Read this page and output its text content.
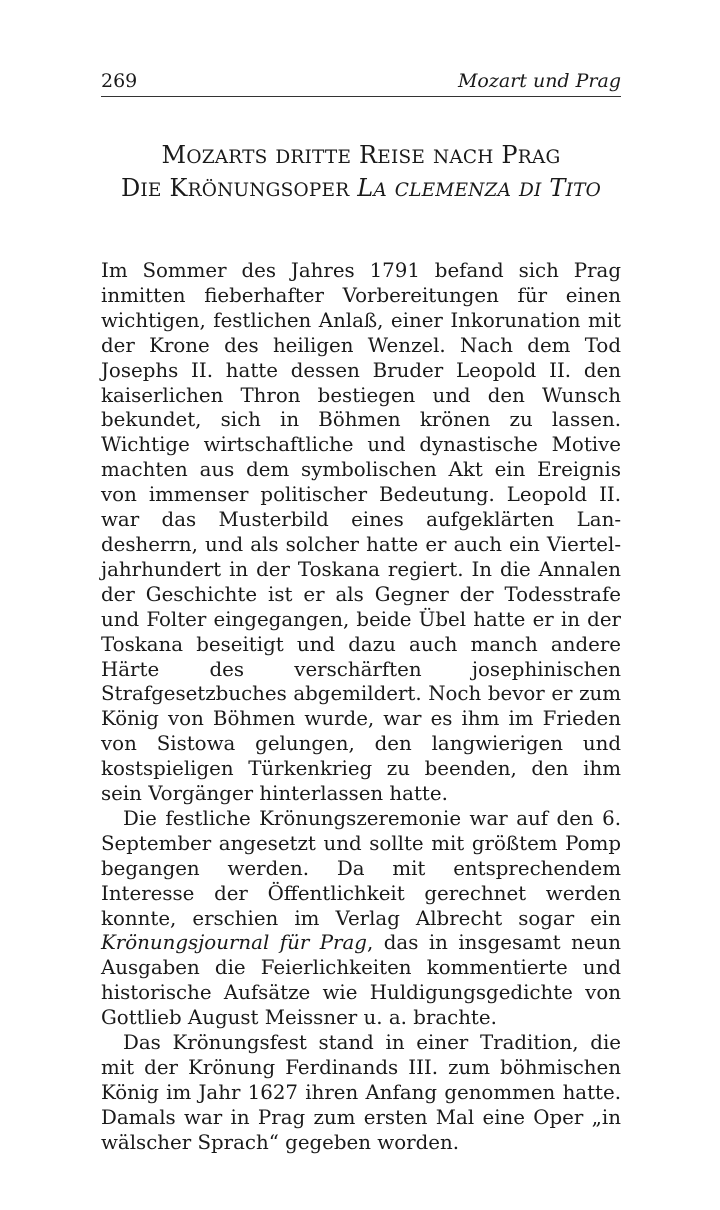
269	Mozart und Prag
MOZARTS DRITTE REISE NACH PRAG
DIE KRÖNUNGSOPER LA CLEMENZA DI TITO

Im Sommer des Jahres 1791 befand sich Prag inmitten fieberhafter Vorbereitungen für einen wichtigen, festlichen Anlaß, einer Inkorunation mit der Krone des heiligen Wenzel. Nach dem Tod Josephs II. hatte dessen Bruder Leopold II. den kaiserlichen Thron bestiegen und den Wunsch bekundet, sich in Böhmen krönen zu lassen. Wichtige wirtschaftliche und dynastische Motive machten aus dem symbolischen Akt ein Ereignis von immenser politischer Bedeutung. Leopold II. war das Musterbild eines aufgeklärten Landesherrn, und als solcher hatte er auch ein Vierteljahrhundert in der Toskana regiert. In die Annalen der Geschichte ist er als Gegner der Todesstrafe und Folter eingegangen, beide Übel hatte er in der Toskana beseitigt und dazu auch manch andere Härte des verschärften josephinischen Strafgesetzbuches abgemildert. Noch bevor er zum König von Böhmen wurde, war es ihm im Frieden von Sistowa gelungen, den langwierigen und kostspieligen Türkenkrieg zu beenden, den ihm sein Vorgänger hinterlassen hatte.

Die festliche Krönungszeremonie war auf den 6. September angesetzt und sollte mit größtem Pomp begangen werden. Da mit entsprechendem Interesse der Öffentlichkeit gerechnet werden konnte, erschien im Verlag Albrecht sogar ein Krönungsjournal für Prag, das in insgesamt neun Ausgaben die Feierlichkeiten kommentierte und historische Aufsätze wie Huldigungsgedichte von Gottlieb August Meissner u. a. brachte.

Das Krönungsfest stand in einer Tradition, die mit der Krönung Ferdinands III. zum böhmischen König im Jahr 1627 ihren Anfang genommen hatte. Damals war in Prag zum ersten Mal eine Oper „in wälscher Sprach“ gegeben worden.
